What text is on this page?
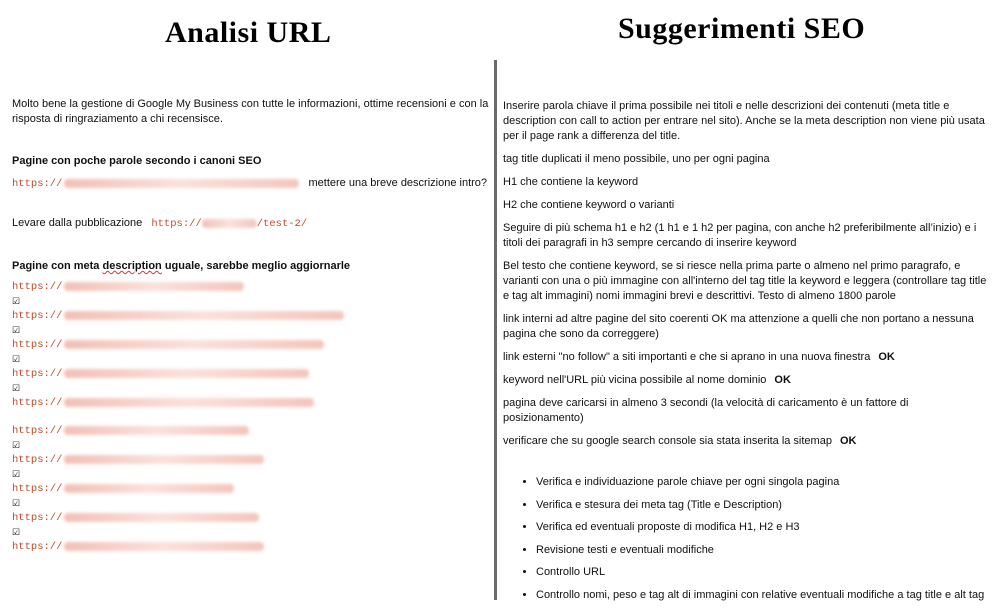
Analisi URL	Suggerimenti SEO

Molto bene la gestione di Google My Business con tutte le informazioni, ottime recensioni e con la risposta di ringraziamento a chi recensisce.

Pagine con poche parole secondo i canoni SEO

https://	mettere una breve descrizione intro?
Levare dalla pubblicazione https://	/test-2/

Pagine con meta description uguale, sarebbe meglio aggiornarle

https://
☑
https://
☑
https://
☑
https://
☑
https://
https://
☑
https://
☑
https://
☑
https://
☑
https://

Inserire parola chiave il prima possibile nei titoli e nelle descrizioni dei contenuti (meta title e description con call to action per entrare nel sito). Anche se la meta description non viene più usata per il page rank a differenza del title.

tag title duplicati il meno possibile, uno per ogni pagina

H1 che contiene la keyword

H2 che contiene keyword o varianti

Seguire di più schema h1 e h2 (1 h1 e 1 h2 per pagina, con anche h2 preferibilmente all’inizio) e i titoli dei paragrafi in h3 sempre cercando di inserire keyword

Bel testo che contiene keyword, se si riesce nella prima parte o almeno nel primo paragrafo, e varianti con una o più immagine con all'interno del tag title la keyword e leggera (controllare tag title e tag alt immagini) nomi immagini brevi e descrittivi. Testo di almeno 1800 parole

link interni ad altre pagine del sito coerenti OK ma attenzione a quelli che non portano a nessuna pagina che sono da correggere)

link esterni "no follow" a siti importanti e che si aprano in una nuova finestra OK

keyword nell'URL più vicina possibile al nome dominio OK

pagina deve caricarsi in almeno 3 secondi (la velocità di caricamento è un fattore di posizionamento)

verificare che su google search console sia stata inserita la sitemap OK

• Verifica e individuazione parole chiave per ogni singola pagina
• Verifica e stesura dei meta tag (Title e Description)
• Verifica ed eventuali proposte di modifica H1, H2 e H3
• Revisione testi e eventuali modifiche
• Controllo URL
• Controllo nomi, peso e tag alt di immagini con relative eventuali modifiche a tag title e alt tag
